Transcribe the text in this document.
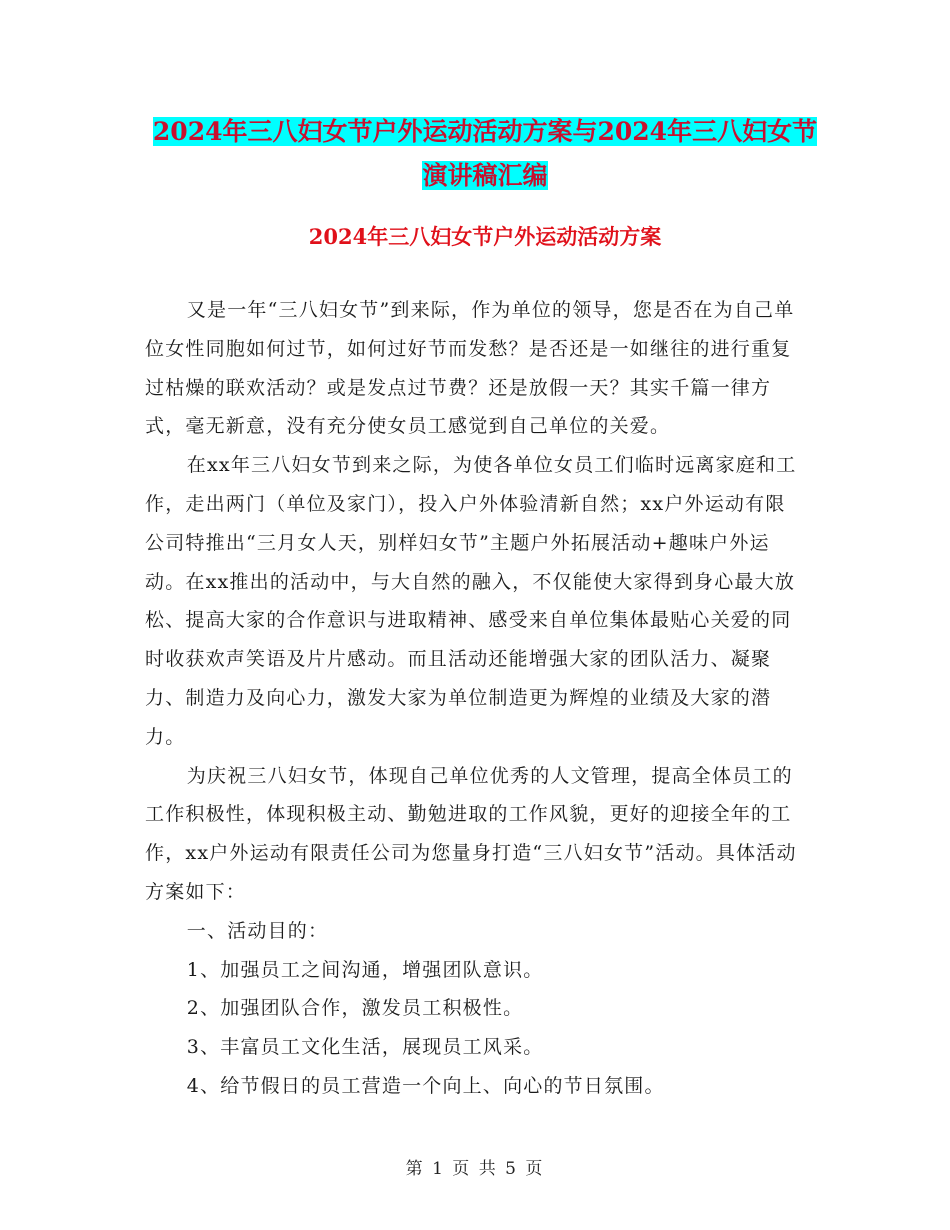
2024年三八妇女节户外运动活动方案与2024年三八妇女节演讲稿汇编
2024年三八妇女节户外运动活动方案

又是一年“三八妇女节”到来际，作为单位的领导，您是否在为自己单位女性同胞如何过节，如何过好节而发愁？是否还是一如继往的进行重复过枯燥的联欢活动？或是发点过节费？还是放假一天？其实千篇一律方式，毫无新意，没有充分使女员工感觉到自己单位的关爱。

在xx年三八妇女节到来之际，为使各单位女员工们临时远离家庭和工作，走出两门（单位及家门），投入户外体验清新自然；xx户外运动有限公司特推出“三月女人天，别样妇女节”主题户外拓展活动+趣味户外运动。在xx推出的活动中，与大自然的融入，不仅能使大家得到身心最大放松、提高大家的合作意识与进取精神、感受来自单位集体最贴心关爱的同时收获欢声笑语及片片感动。而且活动还能增强大家的团队活力、凝聚力、制造力及向心力，激发大家为单位制造更为辉煌的业绩及大家的潜力。

为庆祝三八妇女节，体现自己单位优秀的人文管理，提高全体员工的工作积极性，体现积极主动、勤勉进取的工作风貌，更好的迎接全年的工作，xx户外运动有限责任公司为您量身打造“三八妇女节”活动。具体活动方案如下：

一、活动目的：

1、加强员工之间沟通，增强团队意识。

2、加强团队合作，激发员工积极性。

3、丰富员工文化生活，展现员工风采。

4、给节假日的员工营造一个向上、向心的节日氛围。

第 1 页 共 5 页
